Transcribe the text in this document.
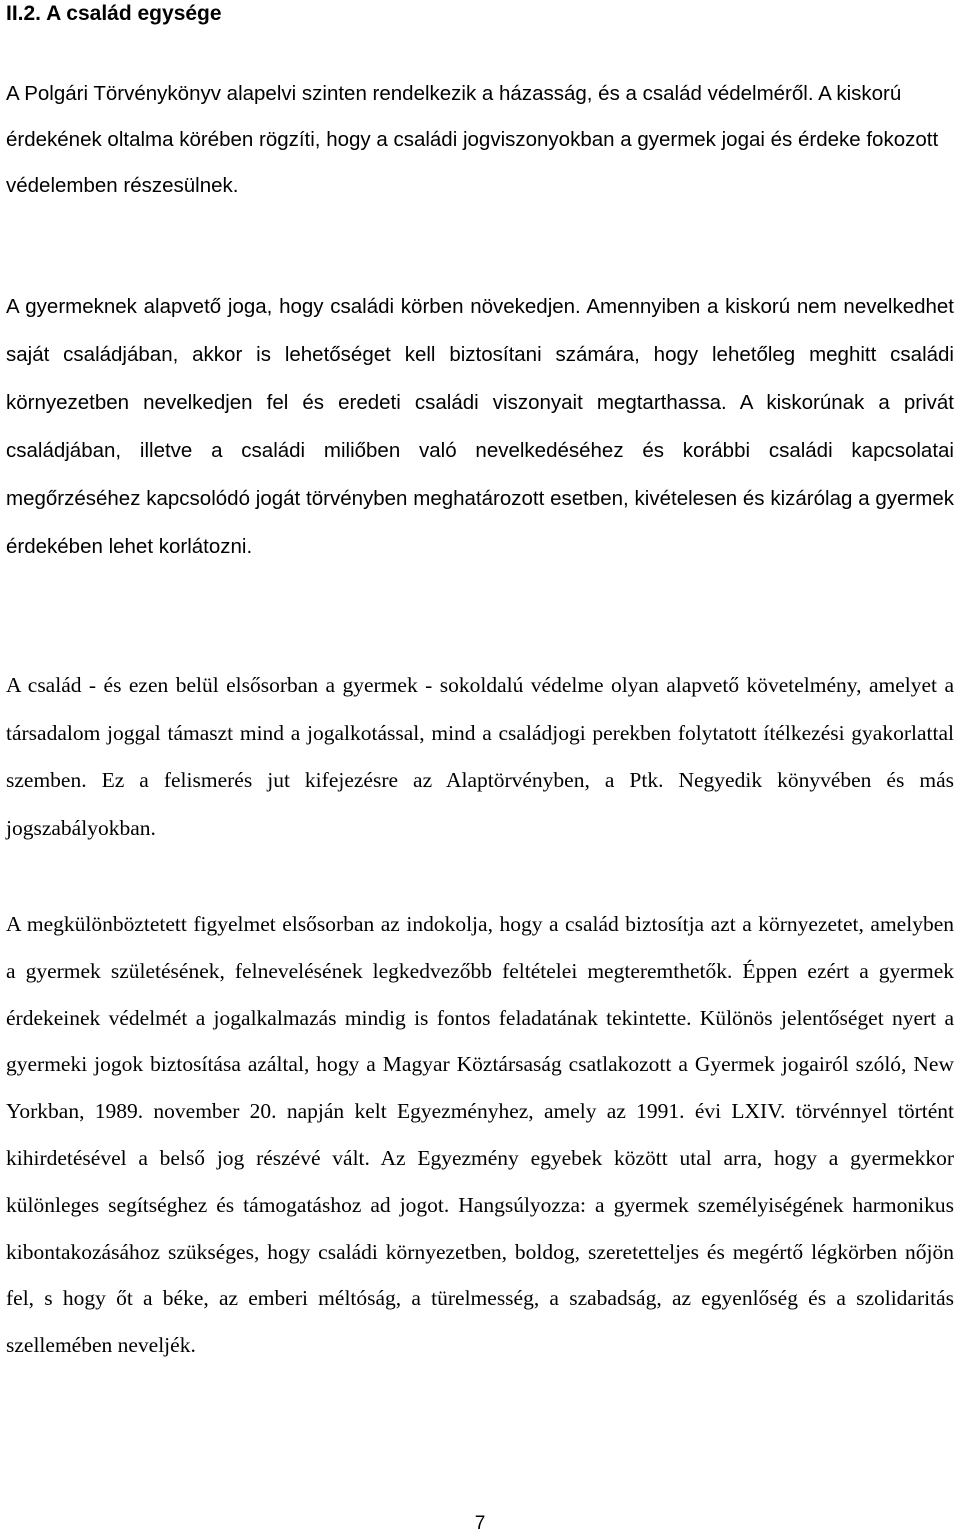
II.2. A család egysége

A Polgári Törvénykönyv alapelvi szinten rendelkezik a házasság, és a család védelméről. A kiskorú érdekének oltalma körében rögzíti, hogy a családi jogviszonyokban a gyermek jogai és érdeke fokozott védelemben részesülnek.

A gyermeknek alapvető joga, hogy családi körben növekedjen. Amennyiben a kiskorú nem nevelkedhet saját családjában, akkor is lehetőséget kell biztosítani számára, hogy lehetőleg meghitt családi környezetben nevelkedjen fel és eredeti családi viszonyait megtarthassa. A kiskorúnak a privát családjában, illetve a családi miliőben való nevelkedéséhez és korábbi családi kapcsolatai megőrzéséhez kapcsolódó jogát törvényben meghatározott esetben, kivételesen és kizárólag a gyermek érdekében lehet korlátozni.

A család - és ezen belül elsősorban a gyermek - sokoldalú védelme olyan alapvető követelmény, amelyet a társadalom joggal támaszt mind a jogalkotással, mind a családjogi perekben folytatott ítélkezési gyakorlattal szemben. Ez a felismerés jut kifejezésre az Alaptörvényben, a Ptk. Negyedik könyvében és más jogszabályokban.

A megkülönböztetett figyelmet elsősorban az indokolja, hogy a család biztosítja azt a környezetet, amelyben a gyermek születésének, felnevelésének legkedvezőbb feltételei megteremthetők. Éppen ezért a gyermek érdekeinek védelmét a jogalkalmazás mindig is fontos feladatának tekintette. Különös jelentőséget nyert a gyermeki jogok biztosítása azáltal, hogy a Magyar Köztársaság csatlakozott a Gyermek jogairól szóló, New Yorkban, 1989. november 20. napján kelt Egyezményhez, amely az 1991. évi LXIV. törvénnyel történt kihirdetésével a belső jog részévé vált. Az Egyezmény egyebek között utal arra, hogy a gyermekkor különleges segítséghez és támogatáshoz ad jogot. Hangsúlyozza: a gyermek személyiségének harmonikus kibontakozásához szükséges, hogy családi környezetben, boldog, szeretetteljes és megértő légkörben nőjön fel, s hogy őt a béke, az emberi méltóság, a türelmesség, a szabadság, az egyenlőség és a szolidaritás szellemében neveljék.

7
